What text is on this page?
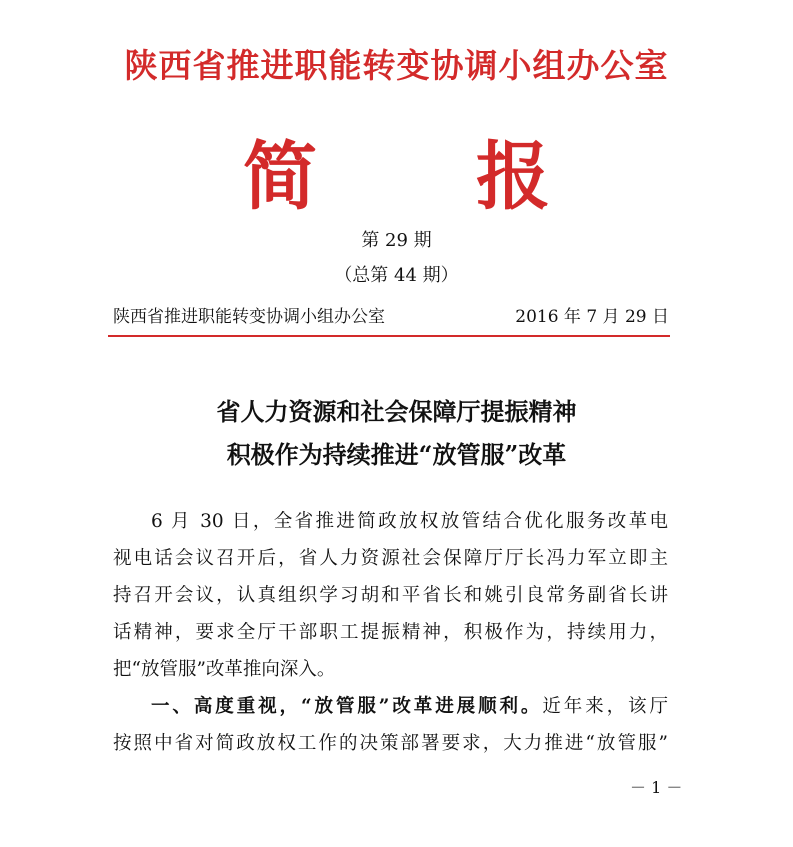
陕西省推进职能转变协调小组办公室
简 报
第 29 期
（总第 44 期）
陕西省推进职能转变协调小组办公室	2016 年 7 月 29 日
省人力资源和社会保障厅提振精神
积极作为持续推进“放管服”改革
6 月 30 日，全省推进简政放权放管结合优化服务改革电
视电话会议召开后，省人力资源社会保障厅厅长冯力军立即主
持召开会议，认真组织学习胡和平省长和姚引良常务副省长讲
话精神，要求全厅干部职工提振精神，积极作为，持续用力，
把“放管服”改革推向深入。
一、高度重视，“放管服”改革进展顺利。近年来，该厅
按照中省对简政放权工作的决策部署要求，大力推进“放管服”
－ 1 －
